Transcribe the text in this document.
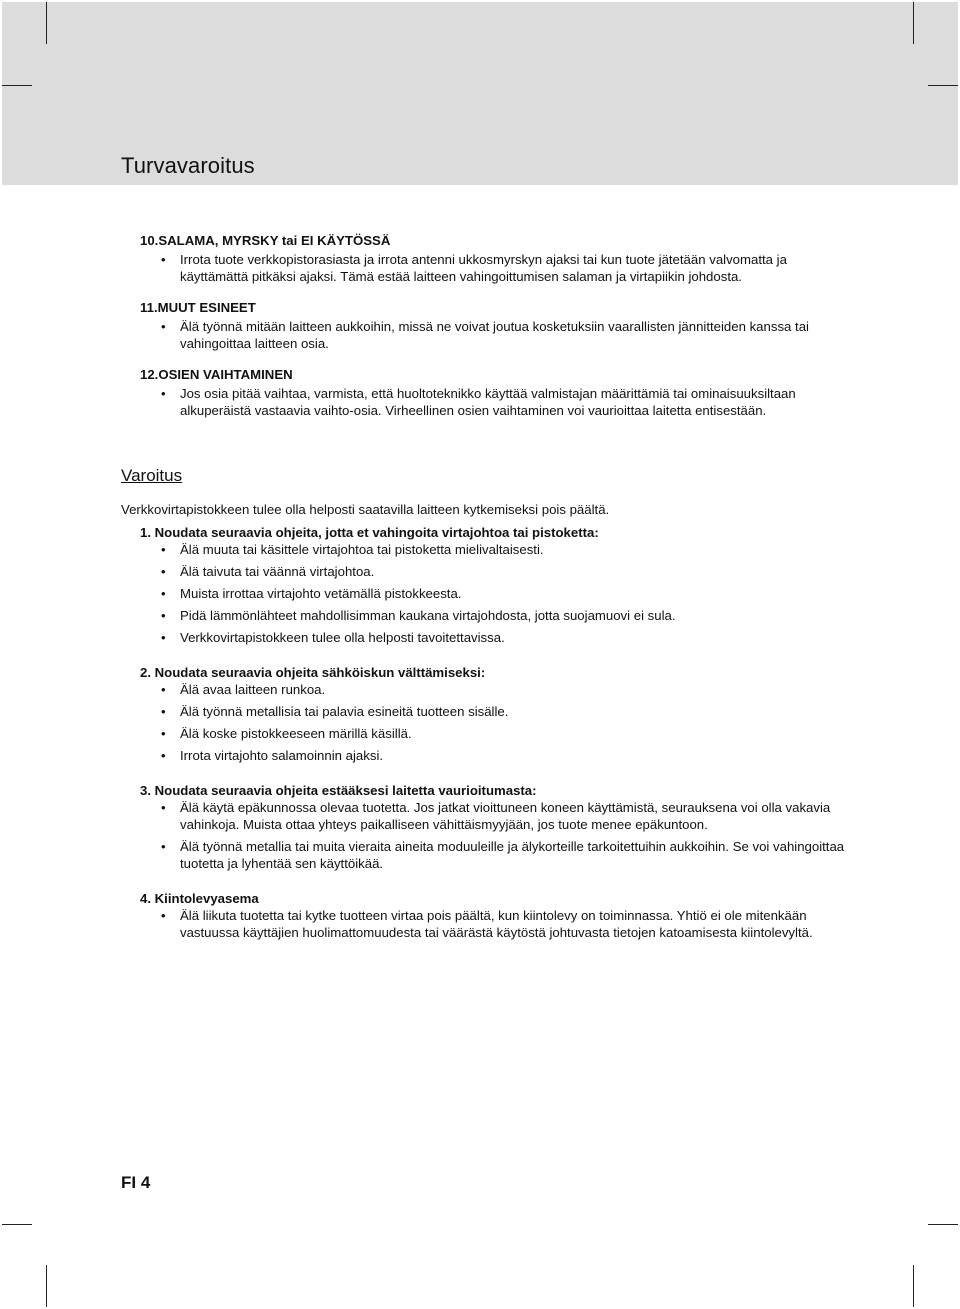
Turvavaroitus

10.SALAMA, MYRSKY tai EI KÄYTÖSSÄ

• Irrota tuote verkkopistorasiasta ja irrota antenni ukkosmyrskyn ajaksi tai kun tuote jätetään valvomatta ja käyttämättä pitkäksi ajaksi. Tämä estää laitteen vahingoittumisen salaman ja virtapiikin johdosta.

11.MUUT ESINEET

• Älä työnnä mitään laitteen aukkoihin, missä ne voivat joutua kosketuksiin vaarallisten jännitteiden kanssa tai vahingoittaa laitteen osia.

12.OSIEN VAIHTAMINEN

• Jos osia pitää vaihtaa, varmista, että huoltoteknikko käyttää valmistajan määrittämiä tai ominaisuuksiltaan alkuperäistä vastaavia vaihto-osia. Virheellinen osien vaihtaminen voi vaurioittaa laitetta entisestään.
Varoitus

Verkkovirtapistokkeen tulee olla helposti saatavilla laitteen kytkemiseksi pois päältä.

1. Noudata seuraavia ohjeita, jotta et vahingoita virtajohtoa tai pistoketta:

• Älä muuta tai käsittele virtajohtoa tai pistoketta mielivaltaisesti.
• Älä taivuta tai väännä virtajohtoa.
• Muista irrottaa virtajohto vetämällä pistokkeesta.
• Pidä lämmönlähteet mahdollisimman kaukana virtajohdosta, jotta suojamuovi ei sula.
• Verkkovirtapistokkeen tulee olla helposti tavoitettavissa.

2. Noudata seuraavia ohjeita sähköiskun välttämiseksi:

• Älä avaa laitteen runkoa.
• Älä työnnä metallisia tai palavia esineitä tuotteen sisälle.
• Älä koske pistokkeeseen märillä käsillä.
• Irrota virtajohto salamoinnin ajaksi.

3. Noudata seuraavia ohjeita estääksesi laitetta vaurioitumasta:

• Älä käytä epäkunnossa olevaa tuotetta. Jos jatkat vioittuneen koneen käyttämistä, seurauksena voi olla vakavia vahinkoja. Muista ottaa yhteys paikalliseen vähittäismyyjään, jos tuote menee epäkuntoon.
• Älä työnnä metallia tai muita vieraita aineita moduuleille ja älykorteille tarkoitettuihin aukkoihin. Se voi vahingoittaa tuotetta ja lyhentää sen käyttöikää.

4. Kiintolevyasema

• Älä liikuta tuotetta tai kytke tuotteen virtaa pois päältä, kun kiintolevy on toiminnassa. Yhtiö ei ole mitenkään vastuussa käyttäjien huolimattomuudesta tai väärästä käytöstä johtuvasta tietojen katoamisesta kiintolevyltä.

FI 4
